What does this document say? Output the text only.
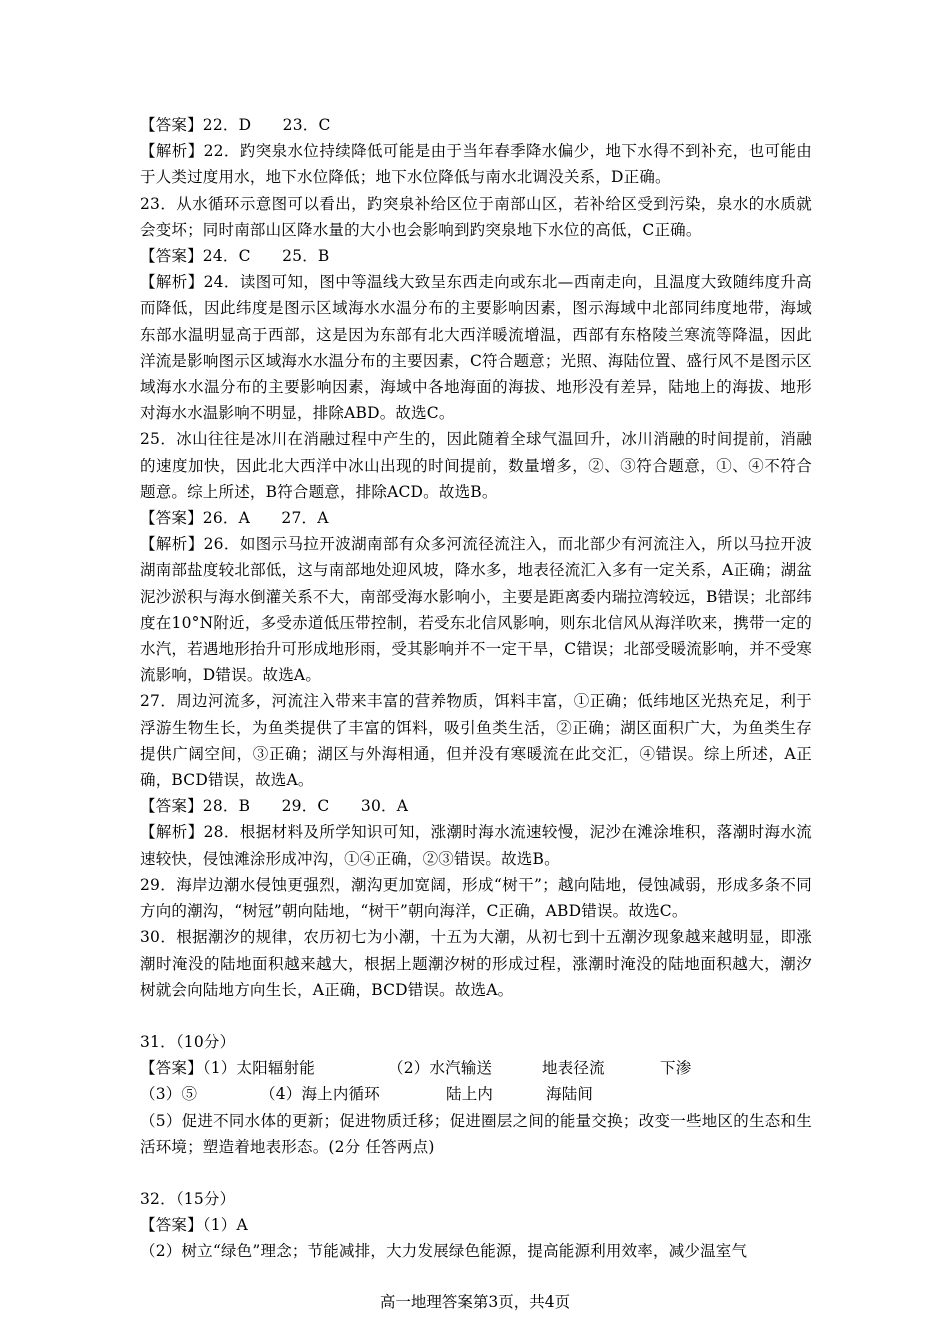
【答案】22．D　　23．C

【解析】22．趵突泉水位持续降低可能是由于当年春季降水偏少，地下水得不到补充，也可能由于人类过度用水，地下水位降低；地下水位降低与南水北调没关系，D正确。

23．从水循环示意图可以看出，趵突泉补给区位于南部山区，若补给区受到污染，泉水的水质就会变坏；同时南部山区降水量的大小也会影响到趵突泉地下水位的高低，C正确。

【答案】24．C　　25．B

【解析】24．读图可知，图中等温线大致呈东西走向或东北—西南走向，且温度大致随纬度升高而降低，因此纬度是图示区域海水水温分布的主要影响因素，图示海域中北部同纬度地带，海域东部水温明显高于西部，这是因为东部有北大西洋暖流增温，西部有东格陵兰寒流等降温，因此洋流是影响图示区域海水水温分布的主要因素，C符合题意；光照、海陆位置、盛行风不是图示区域海水水温分布的主要影响因素，海域中各地海面的海拔、地形没有差异，陆地上的海拔、地形对海水水温影响不明显，排除ABD。故选C。

25．冰山往往是冰川在消融过程中产生的，因此随着全球气温回升，冰川消融的时间提前，消融的速度加快，因此北大西洋中冰山出现的时间提前，数量增多，②、③符合题意，①、④不符合题意。综上所述，B符合题意，排除ACD。故选B。

【答案】26．A　　27．A

【解析】26．如图示马拉开波湖南部有众多河流径流注入，而北部少有河流注入，所以马拉开波湖南部盐度较北部低，这与南部地处迎风坡，降水多，地表径流汇入多有一定关系，A正确；湖盆泥沙淤积与海水倒灌关系不大，南部受海水影响小，主要是距离委内瑞拉湾较远，B错误；北部纬度在10°N附近，多受赤道低压带控制，若受东北信风影响，则东北信风从海洋吹来，携带一定的水汽，若遇地形抬升可形成地形雨，受其影响并不一定干旱，C错误；北部受暖流影响，并不受寒流影响，D错误。故选A。

27．周边河流多，河流注入带来丰富的营养物质，饵料丰富，①正确；低纬地区光热充足，利于浮游生物生长，为鱼类提供了丰富的饵料，吸引鱼类生活，②正确；湖区面积广大，为鱼类生存提供广阔空间，③正确；湖区与外海相通，但并没有寒暖流在此交汇，④错误。综上所述，A正确，BCD错误，故选A。

【答案】28．B　　29．C　　30．A

【解析】28．根据材料及所学知识可知，涨潮时海水流速较慢，泥沙在滩涂堆积，落潮时海水流速较快，侵蚀滩涂形成冲沟，①④正确，②③错误。故选B。

29．海岸边潮水侵蚀更强烈，潮沟更加宽阔，形成“树干”；越向陆地，侵蚀减弱，形成多条不同方向的潮沟，“树冠”朝向陆地，“树干”朝向海洋，C正确，ABD错误。故选C。

30．根据潮汐的规律，农历初七为小潮，十五为大潮，从初七到十五潮汐现象越来越明显，即涨潮时淹没的陆地面积越来越大，根据上题潮汐树的形成过程，涨潮时淹没的陆地面积越大，潮汐树就会向陆地方向生长，A正确，BCD错误。故选A。

31．（10分）

【答案】（1）太阳辐射能	（2）水汽输送	地表径流	下渗
（3）⑤	（4）海上内循环	陆上内	海陆间

（5）促进不同水体的更新；促进物质迁移；促进圈层之间的能量交换；改变一些地区的生态和生活环境；塑造着地表形态。(2分 任答两点)

32．（15分）

【答案】（1）A

（2）树立“绿色”理念；节能减排，大力发展绿色能源，提高能源利用效率，减少温室气

高一地理答案第3页，共4页
